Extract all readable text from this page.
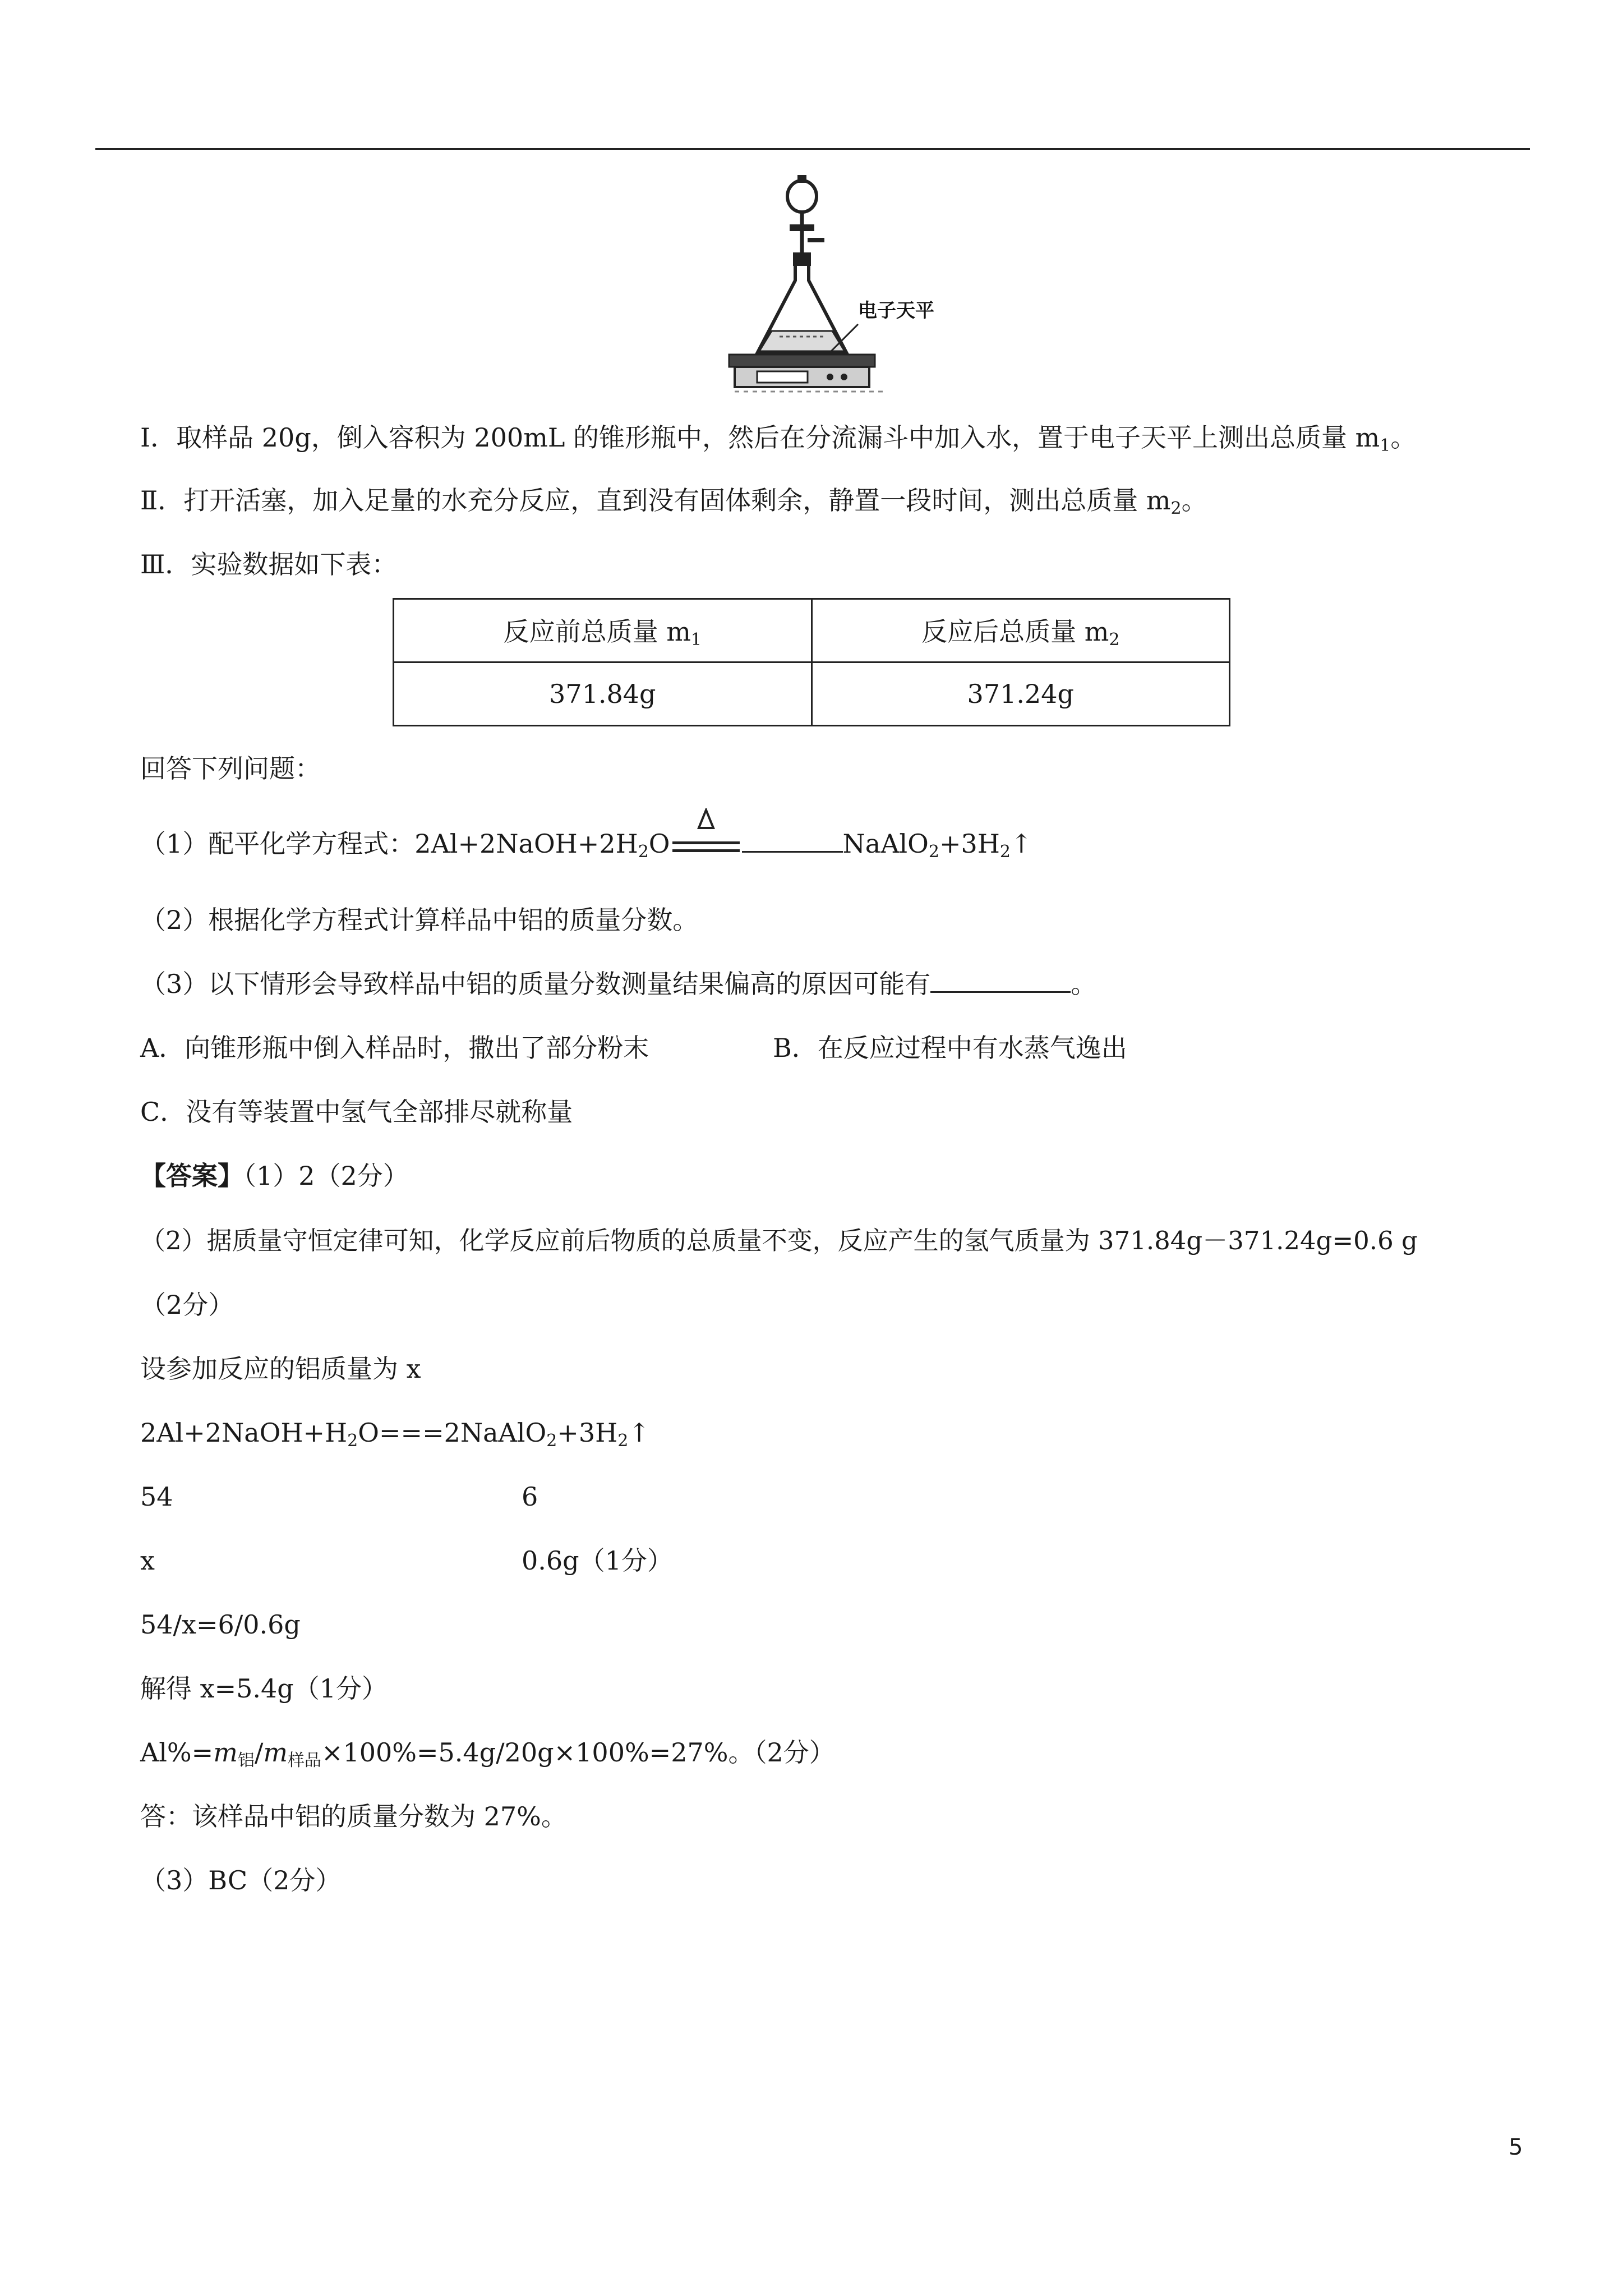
电子天平
Ⅰ．取样品 20g，倒入容积为 200mL 的锥形瓶中，然后在分流漏斗中加入水，置于电子天平上测出总质量 $m_1$。
Ⅱ．打开活塞，加入足量的水充分反应，直到没有固体剩余，静置一段时间，测出总质量 $m_2$。
Ⅲ．实验数据如下表：
反应前总质量 $m_1$	反应后总质量 $m_2$
371.84g	371.24g
回答下列问题：
（1）配平化学方程式：$2Al+2NaOH+2H_2O$	$NaAlO_2+3H_2↑$
（2）根据化学方程式计算样品中铝的质量分数。
（3）以下情形会导致样品中铝的质量分数测量结果偏高的原因可能有	。
A．向锥形瓶中倒入样品时，撒出了部分粉末	B．在反应过程中有水蒸气逸出
C．没有等装置中氢气全部排尽就称量
【答案】（1）2（2分）
（2）据质量守恒定律可知，化学反应前后物质的总质量不变，反应产生的氢气质量为 371.84g－371.24g=0.6 g
（2分）
设参加反应的铝质量为 x
$2Al+2NaOH+H_2O===2NaAlO_2+3H_2↑$
54	6
x	0.6g（1分）
54/x=6/0.6g
解得 x=5.4g（1分）
$Al\%=m_铝/m_{样品}\times 100\%=5.4g/20g\times 100\%=27\%$。（2分）
答：该样品中铝的质量分数为 27%。
（3）BC（2分）
5
